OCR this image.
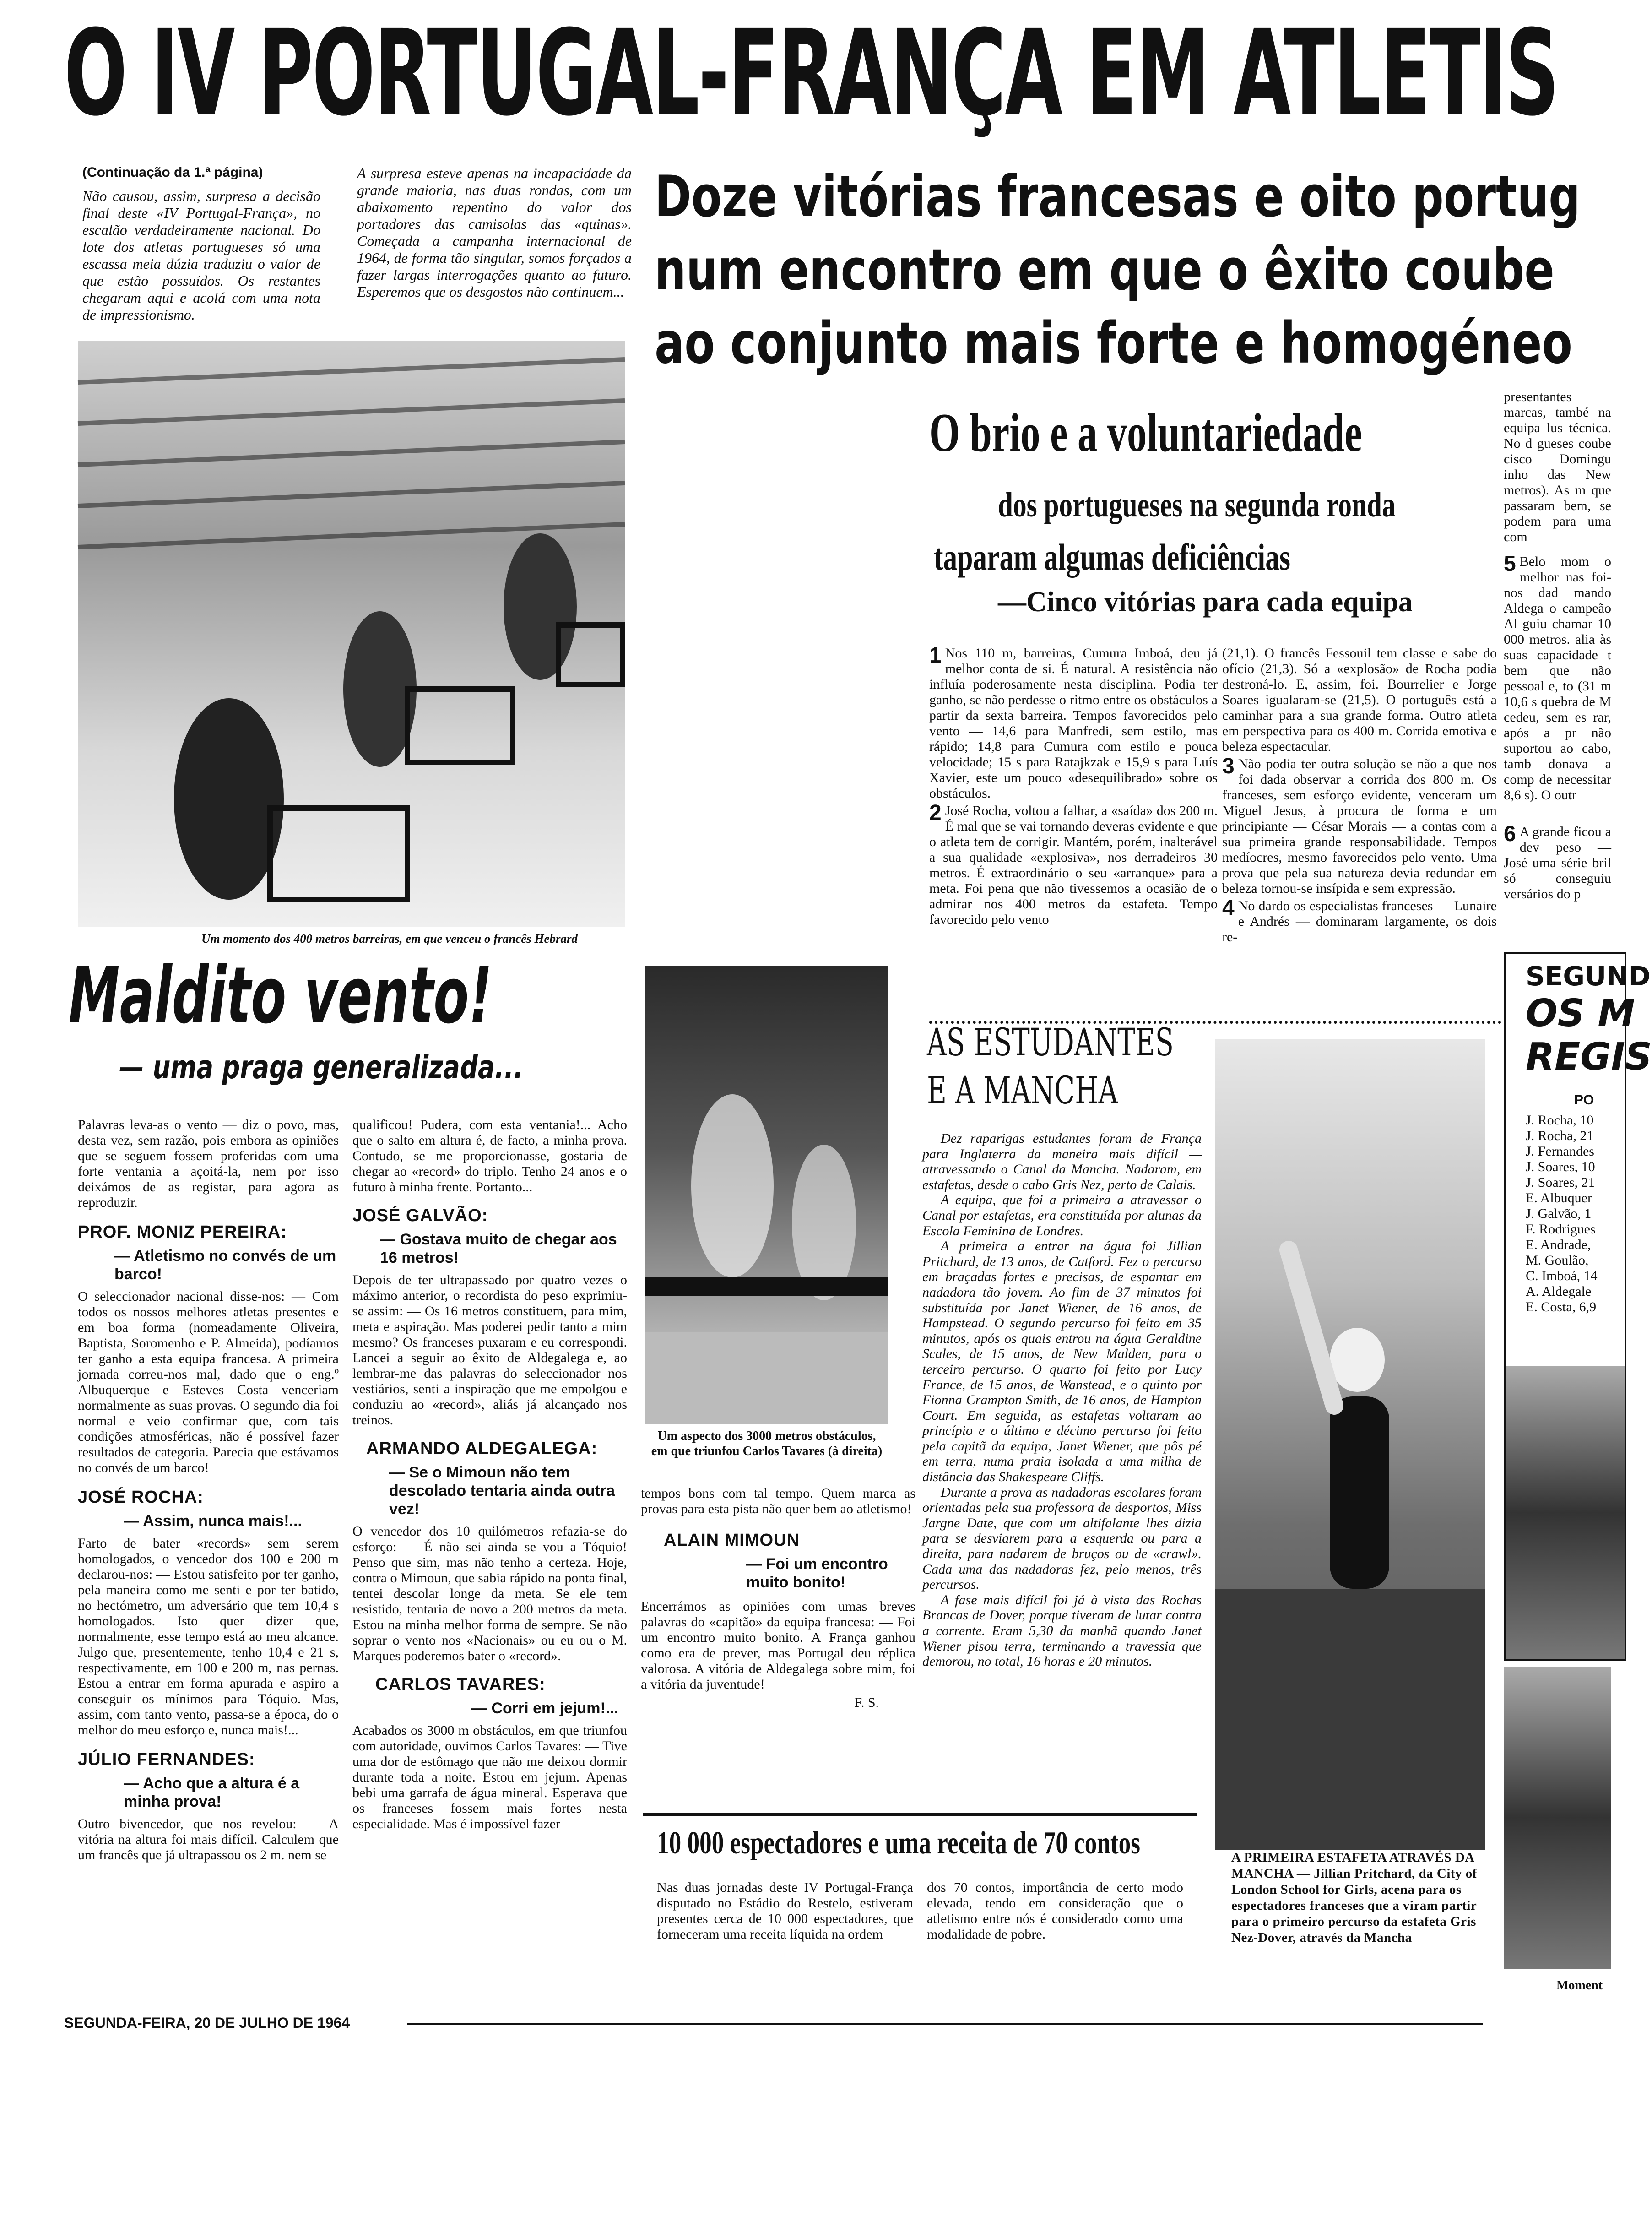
O IV PORTUGAL-FRANÇA EM ATLETIS
(Continuação da 1.ª página)
Não causou, assim, surpresa a decisão final deste «IV Portugal-França», no escalão verdadeiramente nacional. Do lote dos atletas portugueses só uma escassa meia dúzia traduziu o valor de que estão possuídos. Os restantes chegaram aqui e acolá com uma nota de impressionismo.
A surpresa esteve apenas na incapacidade da grande maioria, nas duas rondas, com um abaixamento repentino do valor dos portadores das camisolas das «quinas». Começada a campanha internacional de 1964, de forma tão singular, somos forçados a fazer largas interrogações quanto ao futuro. Esperemos que os desgostos não continuem...
Doze vitórias francesas e oito portug
num encontro em que o êxito coube
ao conjunto mais forte e homogéneo
Um momento dos 400 metros barreiras, em que venceu o francês Hebrard
O brio e a voluntariedade
dos portugueses na segunda ronda
taparam algumas deficiências
—Cinco vitórias para cada equipa
presentantes marcas, també na equipa lus técnica. No d gueses coube cisco Domingu inho das New metros). As m que passaram bem, se podem para uma com
5 Belo mom o melhor nas foi-nos dad mando Aldega o campeão Al guiu chamar 10 000 metros. alia às suas capacidade t bem que não pessoal e, to (31 m 10,6 s quebra de M cedeu, sem es rar, após a pr não suportou ao cabo, tamb donava a comp de necessitar 8,6 s). O outr
6 A grande ficou a dev peso — José uma série bril só conseguiu versários do p

1 Nos 110 m, barreiras, Cumura Imboá, deu já melhor conta de si. É natural. A resistência não influía poderosamente nesta disciplina. Podia ter ganho, se não perdesse o ritmo entre os obstáculos a partir da sexta barreira. Tempos favorecidos pelo vento — 14,6 para Manfredi, sem estilo, mas rápido; 14,8 para Cumura com estilo e pouca velocidade; 15 s para Ratajkzak e 15,9 s para Luís Xavier, este um pouco «desequilibrado» sobre os obstáculos.

2 José Rocha, voltou a falhar, a «saída» dos 200 m. É mal que se vai tornando deveras evidente e que o atleta tem de corrigir. Mantém, porém, inalterável a sua qualidade «explosiva», nos derradeiros 30 metros. É extraordinário o seu «arranque» para a meta. Foi pena que não tivessemos a ocasião de o admirar nos 400 metros da estafeta. Tempo favorecido pelo vento

(21,1). O francês Fessouil tem classe e sabe do ofício (21,3). Só a «explosão» de Rocha podia destroná-lo. E, assim, foi. Bourrelier e Jorge Soares igualaram-se (21,5). O português está a caminhar para a sua grande forma. Outro atleta em perspectiva para os 400 m. Corrida emotiva e beleza espectacular.

3 Não podia ter outra solução se não a que nos foi dada observar a corrida dos 800 m. Os franceses, sem esforço evidente, venceram um Miguel Jesus, à procura de forma e um principiante — César Morais — a contas com a sua primeira grande responsabilidade. Tempos medíocres, mesmo favorecidos pelo vento. Uma prova que pela sua natureza devia redundar em beleza tornou-se insípida e sem expressão.

4 No dardo os especialistas franceses — Lunaire e Andrés — dominaram largamente, os dois re-

Maldito vento!
— uma praga generalizada...

Palavras leva-as o vento — diz o povo, mas, desta vez, sem razão, pois embora as opiniões que se seguem fossem proferidas com uma forte ventania a açoitá-la, nem por isso deixámos de as registar, para agora as reproduzir.

PROF. MONIZ PEREIRA:
— Atletismo no convés de um barco!

O seleccionador nacional disse-nos: — Com todos os nossos melhores atletas presentes e em boa forma (nomeadamente Oliveira, Baptista, Soromenho e P. Almeida), podíamos ter ganho a esta equipa francesa. A primeira jornada correu-nos mal, dado que o eng.º Albuquerque e Esteves Costa venceriam normalmente as suas provas. O segundo dia foi normal e veio confirmar que, com tais condições atmosféricas, não é possível fazer resultados de categoria. Parecia que estávamos no convés de um barco!

JOSÉ ROCHA:
— Assim, nunca mais!...

Farto de bater «records» sem serem homologados, o vencedor dos 100 e 200 m declarou-nos: — Estou satisfeito por ter ganho, pela maneira como me senti e por ter batido, no hectómetro, um adversário que tem 10,4 s homologados. Isto quer dizer que, normalmente, esse tempo está ao meu alcance. Julgo que, presentemente, tenho 10,4 e 21 s, respectivamente, em 100 e 200 m, nas pernas. Estou a entrar em forma apurada e aspiro a conseguir os mínimos para Tóquio. Mas, assim, com tanto vento, passa-se a época, do o melhor do meu esforço e, nunca mais!...

JÚLIO FERNANDES:
— Acho que a altura é a minha prova!

Outro bivencedor, que nos revelou: — A vitória na altura foi mais difícil. Calculem que um francês que já ultrapassou os 2 m. nem se

qualificou! Pudera, com esta ventania!... Acho que o salto em altura é, de facto, a minha prova. Contudo, se me proporcionasse, gostaria de chegar ao «record» do triplo. Tenho 24 anos e o futuro à minha frente. Portanto...

JOSÉ GALVÃO:
— Gostava muito de chegar aos 16 metros!

Depois de ter ultrapassado por quatro vezes o máximo anterior, o recordista do peso exprimiu-se assim: — Os 16 metros constituem, para mim, meta e aspiração. Mas poderei pedir tanto a mim mesmo? Os franceses puxaram e eu correspondi. Lancei a seguir ao êxito de Aldegalega e, ao lembrar-me das palavras do seleccionador nos vestiários, senti a inspiração que me empolgou e conduziu ao «record», aliás já alcançado nos treinos.

ARMANDO ALDEGALEGA:
— Se o Mimoun não tem descolado tentaria ainda outra vez!

O vencedor dos 10 quilómetros refazia-se do esforço: — É não sei ainda se vou a Tóquio! Penso que sim, mas não tenho a certeza. Hoje, contra o Mimoun, que sabia rápido na ponta final, tentei descolar longe da meta. Se ele tem resistido, tentaria de novo a 200 metros da meta. Estou na minha melhor forma de sempre. Se não soprar o vento nos «Nacionais» ou eu ou o M. Marques poderemos bater o «record».

CARLOS TAVARES:
— Corri em jejum!...

Acabados os 3000 m obstáculos, em que triunfou com autoridade, ouvimos Carlos Tavares: — Tive uma dor de estômago que não me deixou dormir durante toda a noite. Estou em jejum. Apenas bebi uma garrafa de água mineral. Esperava que os franceses fossem mais fortes nesta especialidade. Mas é impossível fazer

Um aspecto dos 3000 metros obstáculos, em que triunfou Carlos Tavares (à direita)

tempos bons com tal tempo. Quem marca as provas para esta pista não quer bem ao atletismo!

ALAIN MIMOUN
— Foi um encontro muito bonito!

Encerrámos as opiniões com umas breves palavras do «capitão» da equipa francesa: — Foi um encontro muito bonito. A França ganhou como era de prever, mas Portugal deu réplica valorosa. A vitória de Aldegalega sobre mim, foi a vitória da juventude!

F. S.
AS ESTUDANTES
E A MANCHA

Dez raparigas estudantes foram de França para Inglaterra da maneira mais difícil — atravessando o Canal da Mancha. Nadaram, em estafetas, desde o cabo Gris Nez, perto de Calais.

A equipa, que foi a primeira a atravessar o Canal por estafetas, era constituída por alunas da Escola Feminina de Londres.

A primeira a entrar na água foi Jillian Pritchard, de 13 anos, de Catford. Fez o percurso em braçadas fortes e precisas, de espantar em nadadora tão jovem. Ao fim de 37 minutos foi substituída por Janet Wiener, de 16 anos, de Hampstead. O segundo percurso foi feito em 35 minutos, após os quais entrou na água Geraldine Scales, de 15 anos, de New Malden, para o terceiro percurso. O quarto foi feito por Lucy France, de 15 anos, de Wanstead, e o quinto por Fionna Crampton Smith, de 16 anos, de Hampton Court. Em seguida, as estafetas voltaram ao princípio e o último e décimo percurso foi feito pela capitã da equipa, Janet Wiener, que pôs pé em terra, numa praia isolada a uma milha de distância das Shakespeare Cliffs.

Durante a prova as nadadoras escolares foram orientadas pela sua professora de desportos, Miss Jargne Date, que com um altifalante lhes dizia para se desviarem para a esquerda ou para a direita, para nadarem de bruços ou de «crawl». Cada uma das nadadoras fez, pelo menos, três percursos.

A fase mais difícil foi já à vista das Rochas Brancas de Dover, porque tiveram de lutar contra a corrente. Eram 5,30 da manhã quando Janet Wiener pisou terra, terminando a travessia que demorou, no total, 16 horas e 20 minutos.

A PRIMEIRA ESTAFETA ATRAVÉS DA MANCHA — Jillian Pritchard, da City of London School for Girls, acena para os espectadores franceses que a viram partir para o primeiro percurso da estafeta Gris Nez-Dover, através da Mancha
SEGUND
OS M
REGIS
PO
J. Rocha, 10
J. Rocha, 21
J. Fernandes
J. Soares, 10
J. Soares, 21
E. Albuquer
J. Galvão, 1
F. Rodrigues
E. Andrade,
M. Goulão,
C. Imboá, 14
A. Aldegale
E. Costa, 6,9
Moment
10 000 espectadores e uma receita de 70 contos

Nas duas jornadas deste IV Portugal-França disputado no Estádio do Restelo, estiveram presentes cerca de 10 000 espectadores, que forneceram uma receita líquida na ordem

dos 70 contos, importância de certo modo elevada, tendo em consideração que o atletismo entre nós é considerado como uma modalidade de pobre.

SEGUNDA-FEIRA, 20 DE JULHO DE 1964
